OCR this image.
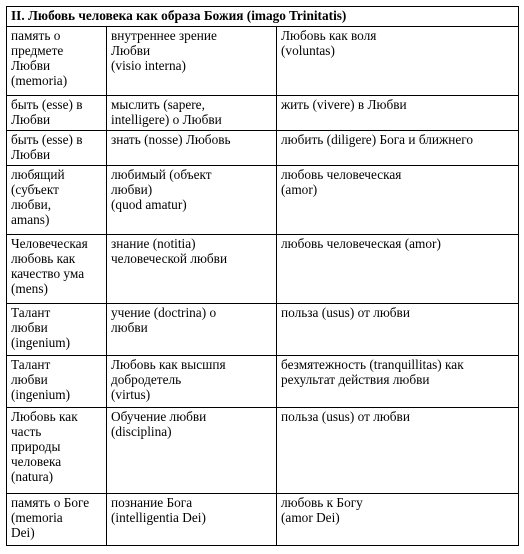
II. Любовь человека как образа Божия (imago Trinitatis)		

память о
предмете
Любви
(memoria)	внутреннее зрение
Любви
(visio interna)	Любовь как воля
(voluntas)

быть (esse) в
Любви	мыслить (sapere,
intelligere) о Любви	жить (vivere) в Любви

быть (esse) в
Любви	знать (nosse) Любовь	любить (diligere) Бога и ближнего

любящий
(субъект
любви,
amans)	любимый (объект
любви)
(quod amatur)	любовь человеческая
(amor)

Человеческая
любовь как
качество ума
(mens)	знание (notitia)
человеческой любви	любовь человеческая (amor)

Талант
любви
(ingenium)	учение (doctrina) о
любви	польза (usus) от любви

Талант
любви
(ingenium)	Любовь как высшпя
добродетель
(virtus)	безмятежность (tranquillitas) как
рехультат действия любви

Любовь как
часть
природы
человека
(natura)	Обучение любви
(disciplina)	польза (usus) от любви

память о Боге
(memoria
Dei)	познание Бога
(intelligentia Dei)	любовь к Богу
(amor Dei)
